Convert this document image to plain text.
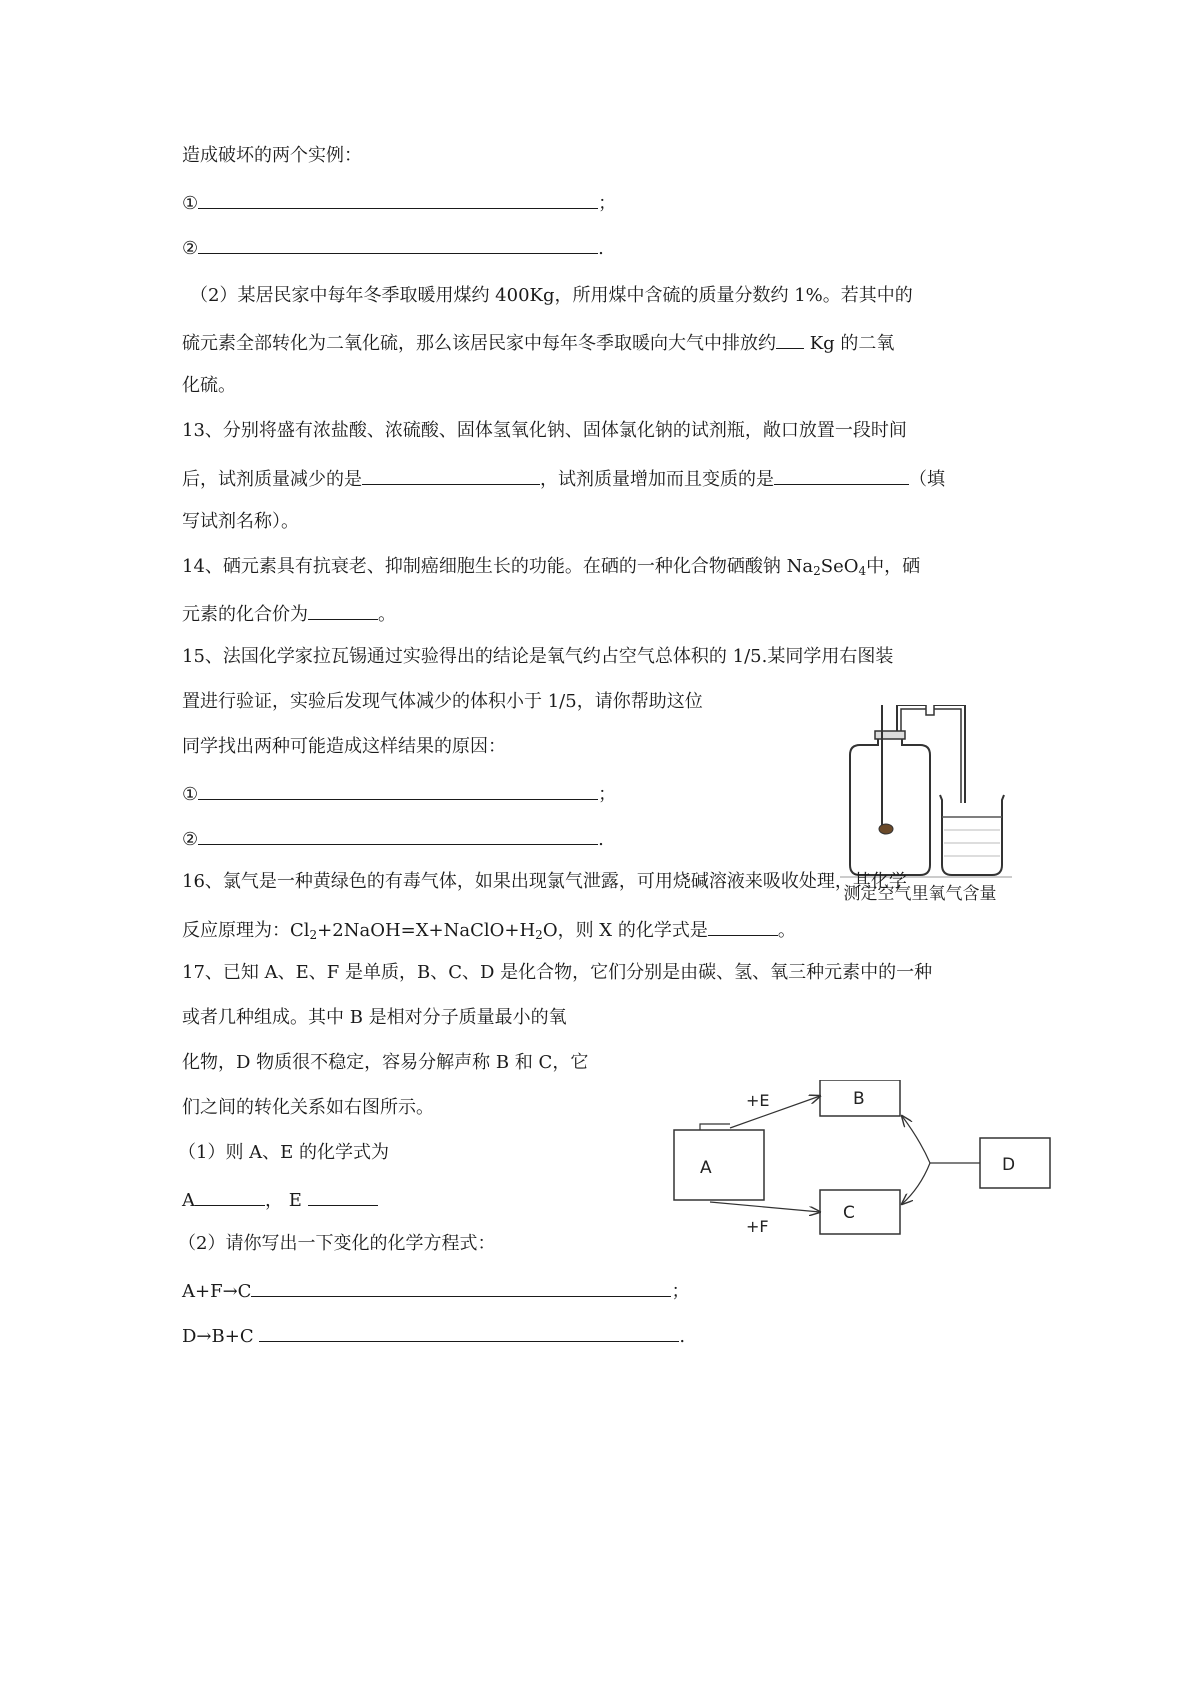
造成破坏的两个实例：
①	；
②	.
（2）某居民家中每年冬季取暖用煤约 400Kg，所用煤中含硫的质量分数约 1%。若其中的
硫元素全部转化为二氧化硫，那么该居民家中每年冬季取暖向大气中排放约 Kg 的二氧
化硫。
13、分别将盛有浓盐酸、浓硫酸、固体氢氧化钠、固体氯化钠的试剂瓶，敞口放置一段时间
后，试剂质量减少的是	，试剂质量增加而且变质的是	（填
写试剂名称）。
14、硒元素具有抗衰老、抑制癌细胞生长的功能。在硒的一种化合物硒酸钠 $Na_2SeO_4$中，硒
元素的化合价为	。
15、法国化学家拉瓦锡通过实验得出的结论是氧气约占空气总体积的 1/5.某同学用右图装
置进行验证，实验后发现气体减少的体积小于 1/5，请你帮助这位
同学找出两种可能造成这样结果的原因：
①	；
②	.
测定空气里氧气含量
16、氯气是一种黄绿色的有毒气体，如果出现氯气泄露，可用烧碱溶液来吸收处理，其化学
反应原理为：$Cl_2+2NaOH=X+NaClO+H_2O$，则 X 的化学式是	。
17、已知 A、E、F 是单质，B、C、D 是化合物，它们分别是由碳、氢、氧三种元素中的一种
或者几种组成。其中 B 是相对分子质量最小的氧
化物，D 物质很不稳定，容易分解声称 B 和 C，它
们之间的转化关系如右图所示。
（1）则 A、E 的化学式为
A	， E
（2）请你写出一下变化的化学方程式：
A+F→C	；
D→B+C	.
A
B
C
D
+E
+F
